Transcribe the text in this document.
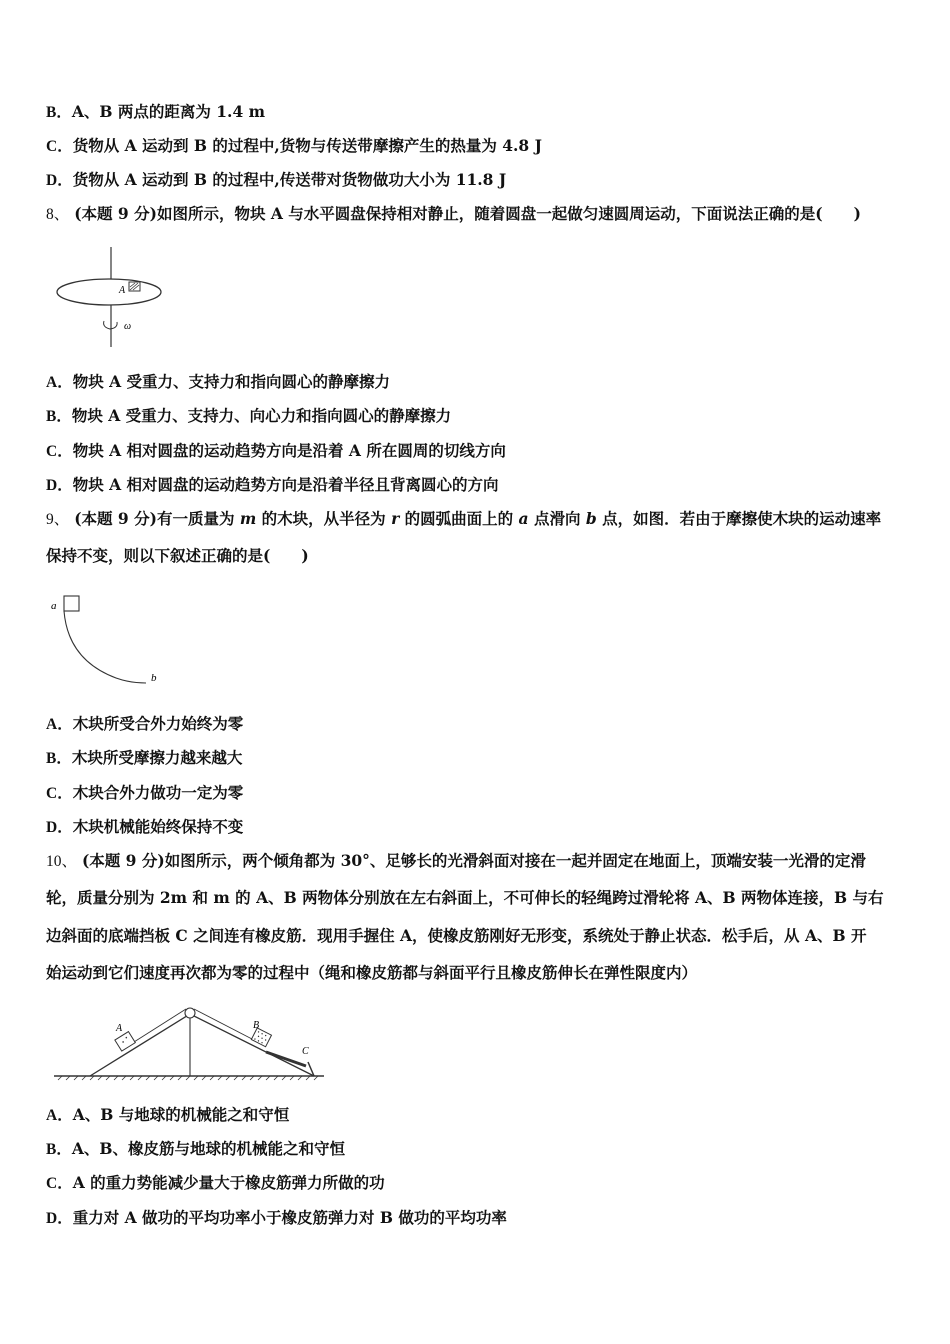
B．A、B 两点的距离为 1.4 m
C．货物从 A 运动到 B 的过程中,货物与传送带摩擦产生的热量为 4.8 J
D．货物从 A 运动到 B 的过程中,传送带对货物做功大小为 11.8 J
8、 (本题 9 分)如图所示，物块 A 与水平圆盘保持相对静止，随着圆盘一起做匀速圆周运动，下面说法正确的是(　　)
A
ω
A．物块 A 受重力、支持力和指向圆心的静摩擦力
B．物块 A 受重力、支持力、向心力和指向圆心的静摩擦力
C．物块 A 相对圆盘的运动趋势方向是沿着 A 所在圆周的切线方向
D．物块 A 相对圆盘的运动趋势方向是沿着半径且背离圆心的方向
9、 (本题 9 分)有一质量为 m 的木块，从半径为 r 的圆弧曲面上的 a 点滑向 b 点，如图．若由于摩擦使木块的运动速率
保持不变，则以下叙述正确的是(　　)
a
b
A．木块所受合外力始终为零
B．木块所受摩擦力越来越大
C．木块合外力做功一定为零
D．木块机械能始终保持不变
10、 (本题 9 分)如图所示，两个倾角都为 30°、足够长的光滑斜面对接在一起并固定在地面上，顶端安装一光滑的定滑
轮，质量分别为 2m 和 m 的 A、B 两物体分别放在左右斜面上，不可伸长的轻绳跨过滑轮将 A、B 两物体连接，B 与右
边斜面的底端挡板 C 之间连有橡皮筋．现用手握住 A，使橡皮筋刚好无形变，系统处于静止状态．松手后，从 A、B 开
始运动到它们速度再次都为零的过程中（绳和橡皮筋都与斜面平行且橡皮筋伸长在弹性限度内）
A	B
C
A．A、B 与地球的机械能之和守恒
B．A、B、橡皮筋与地球的机械能之和守恒
C．A 的重力势能减少量大于橡皮筋弹力所做的功
D．重力对 A 做功的平均功率小于橡皮筋弹力对 B 做功的平均功率
